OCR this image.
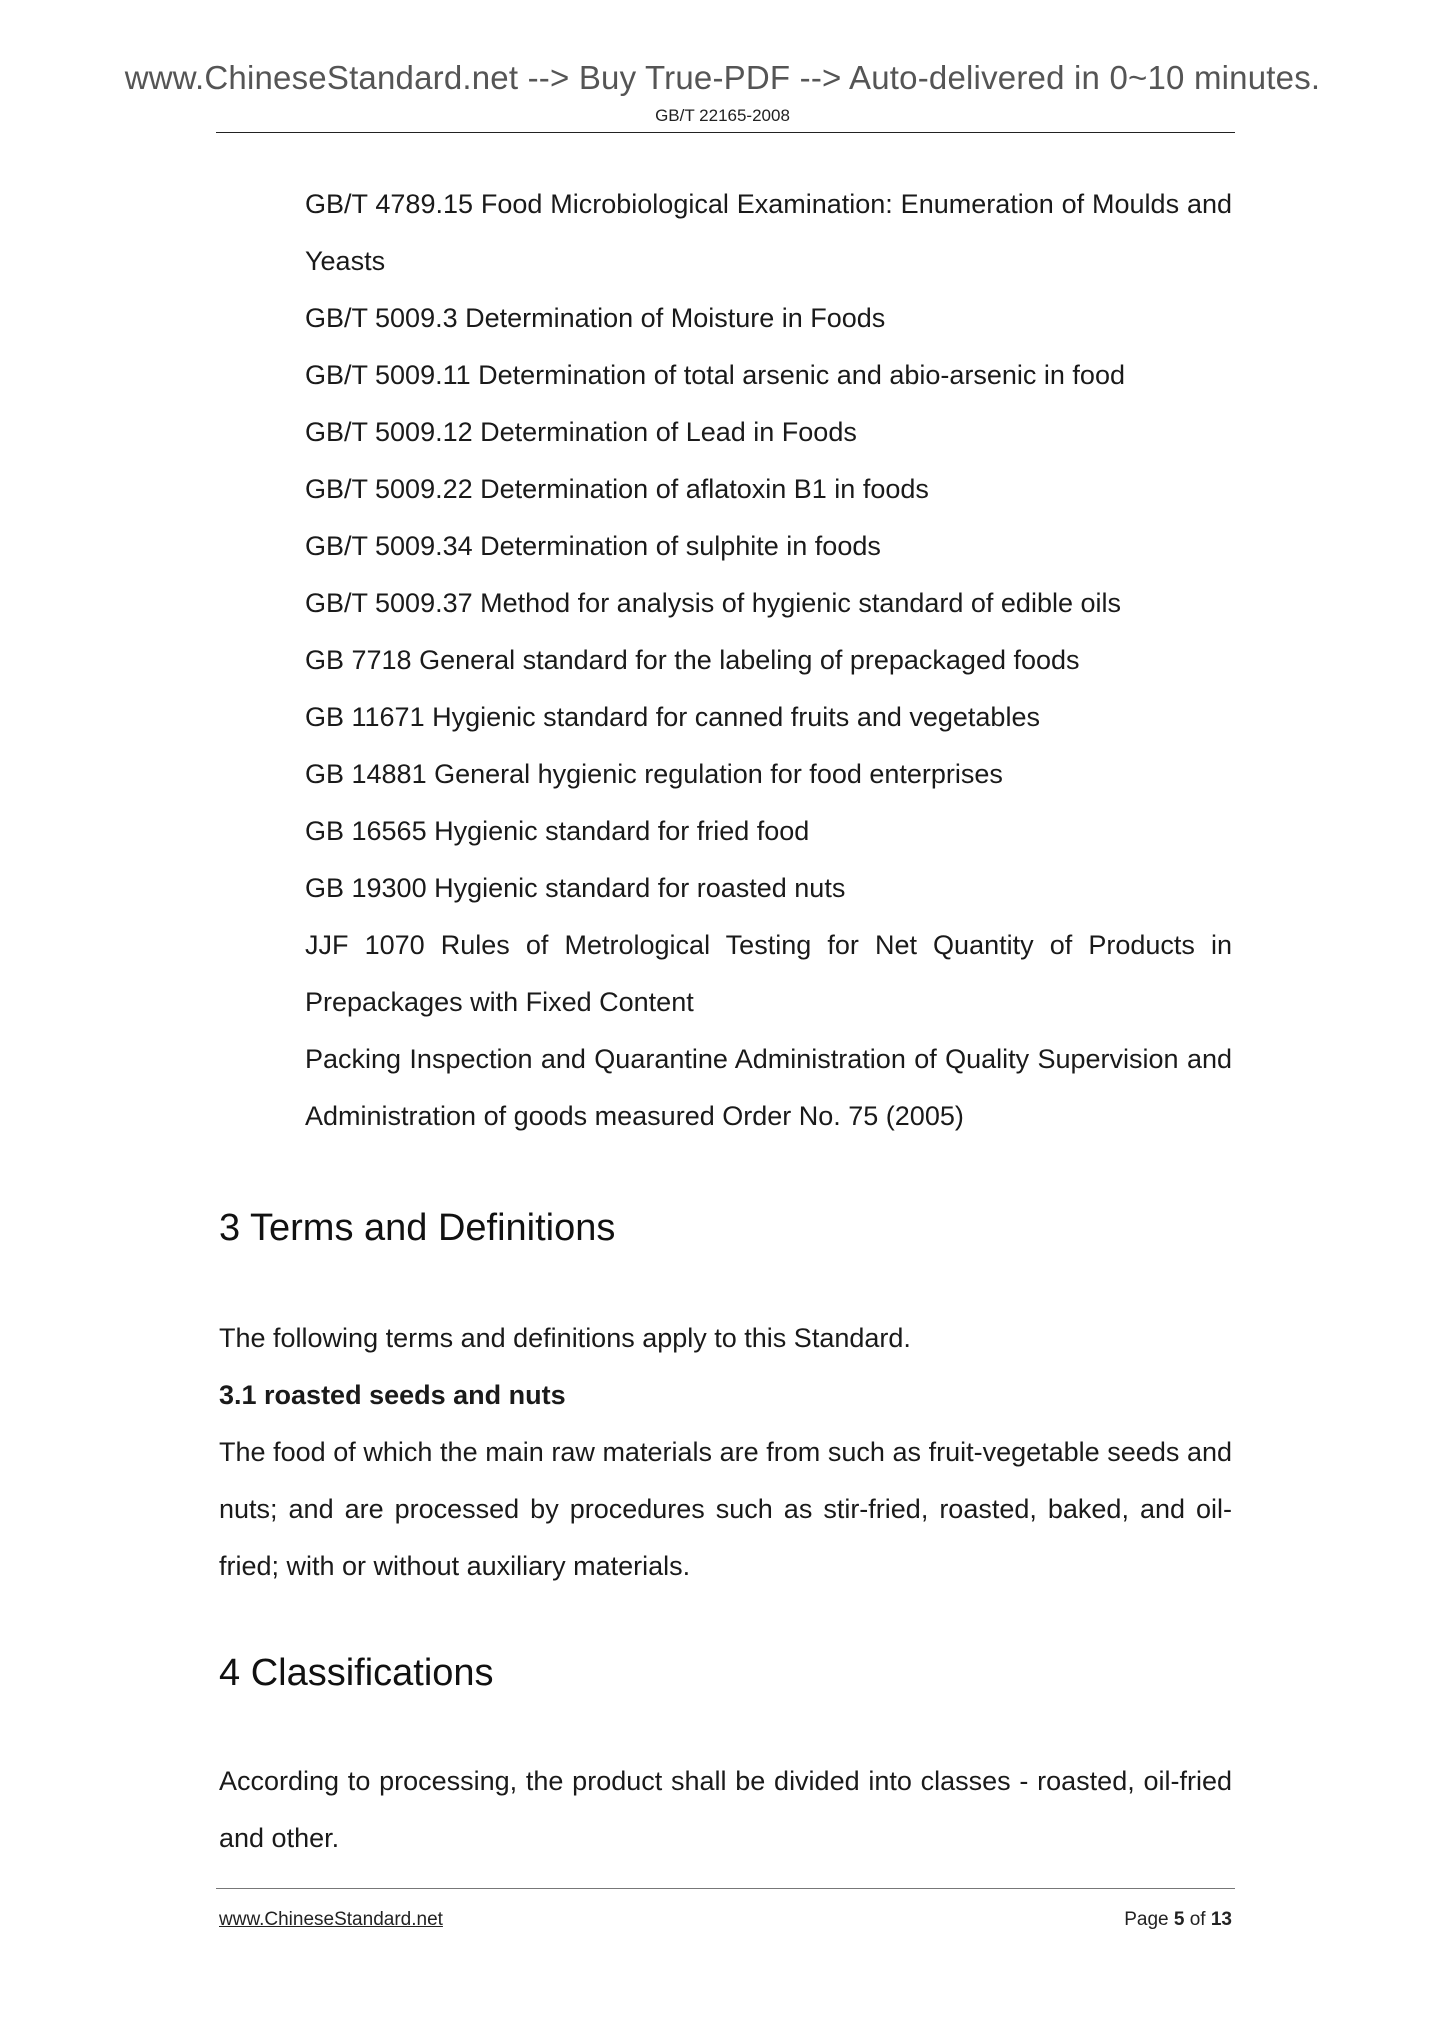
www.ChineseStandard.net --> Buy True-PDF --> Auto-delivered in 0~10 minutes.
GB/T 22165-2008

GB/T 4789.15 Food Microbiological Examination: Enumeration of Moulds and Yeasts

GB/T 5009.3 Determination of Moisture in Foods

GB/T 5009.11 Determination of total arsenic and abio-arsenic in food

GB/T 5009.12 Determination of Lead in Foods

GB/T 5009.22 Determination of aflatoxin B1 in foods

GB/T 5009.34 Determination of sulphite in foods

GB/T 5009.37 Method for analysis of hygienic standard of edible oils

GB 7718 General standard for the labeling of prepackaged foods

GB 11671 Hygienic standard for canned fruits and vegetables

GB 14881 General hygienic regulation for food enterprises

GB 16565 Hygienic standard for fried food

GB 19300 Hygienic standard for roasted nuts

JJF 1070 Rules of Metrological Testing for Net Quantity of Products in Prepackages with Fixed Content

Packing Inspection and Quarantine Administration of Quality Supervision and Administration of goods measured Order No. 75 (2005)

3 Terms and Definitions

The following terms and definitions apply to this Standard.

3.1 roasted seeds and nuts

The food of which the main raw materials are from such as fruit-vegetable seeds and nuts; and are processed by procedures such as stir-fried, roasted, baked, and oil-fried; with or without auxiliary materials.

4 Classifications

According to processing, the product shall be divided into classes - roasted, oil-fried and other.

www.ChineseStandard.net	Page 5 of 13
